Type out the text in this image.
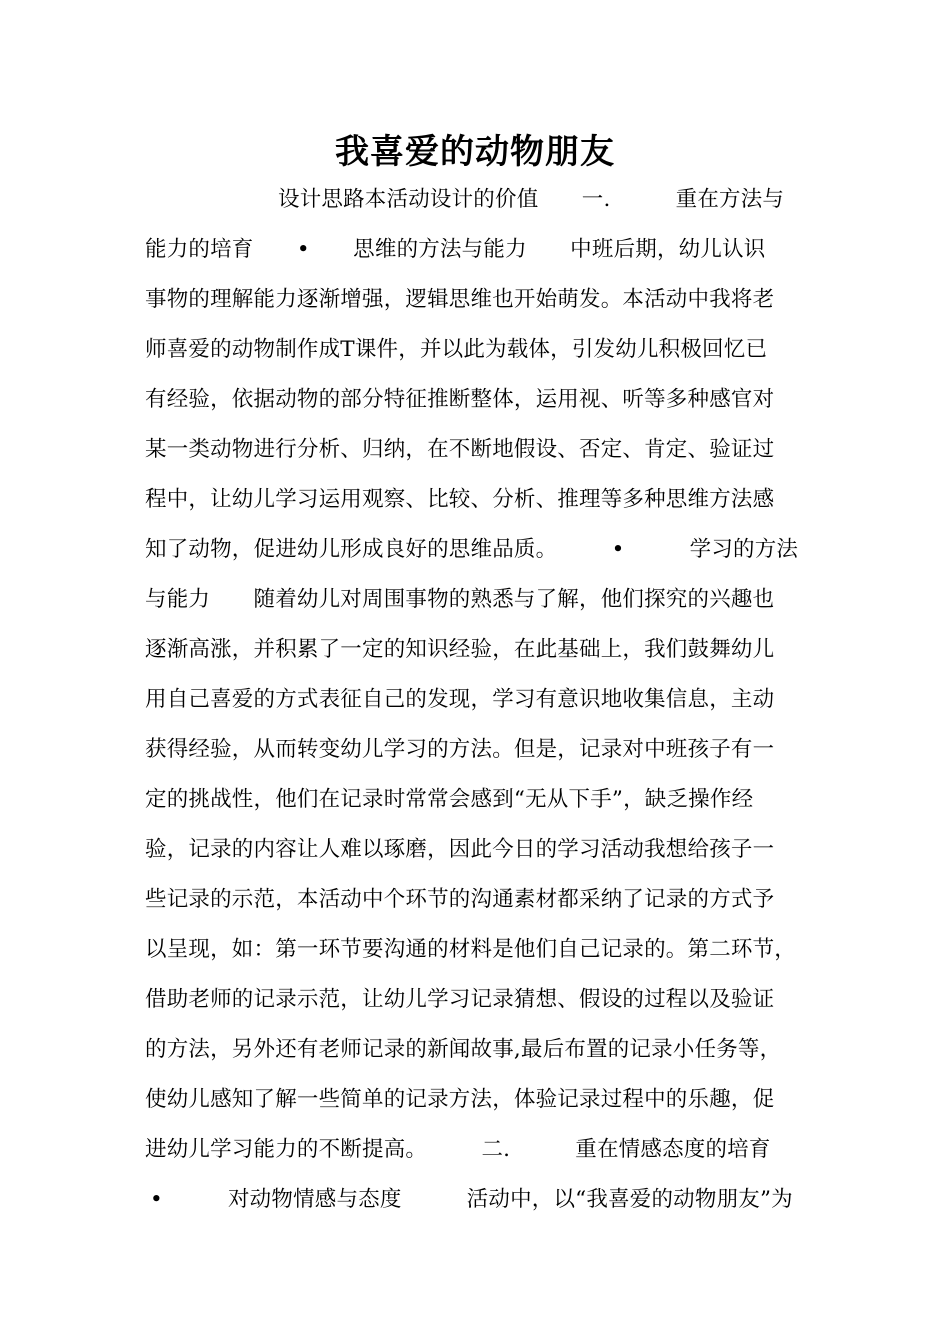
我喜爱的动物朋友
设计思路本活动设计的价值　　一.　　　重在方法与
能力的培育　　•　　思维的方法与能力　　中班后期，幼儿认识
事物的理解能力逐渐增强，逻辑思维也开始萌发。本活动中我将老
师喜爱的动物制作成T课件，并以此为载体，引发幼儿积极回忆已
有经验，依据动物的部分特征推断整体，运用视、听等多种感官对
某一类动物进行分析、归纳，在不断地假设、否定、肯定、验证过
程中，让幼儿学习运用观察、比较、分析、推理等多种思维方法感
知了动物，促进幼儿形成良好的思维品质。　　　•　　　学习的方法
与能力　　随着幼儿对周围事物的熟悉与了解，他们探究的兴趣也
逐渐高涨，并积累了一定的知识经验，在此基础上，我们鼓舞幼儿
用自己喜爱的方式表征自己的发现，学习有意识地收集信息，主动
获得经验，从而转变幼儿学习的方法。但是，记录对中班孩子有一
定的挑战性，他们在记录时常常会感到“无从下手”，缺乏操作经
验，记录的内容让人难以琢磨，因此今日的学习活动我想给孩子一
些记录的示范，本活动中个环节的沟通素材都采纳了记录的方式予
以呈现，如：第一环节要沟通的材料是他们自己记录的。第二环节，
借助老师的记录示范，让幼儿学习记录猜想、假设的过程以及验证
的方法，另外还有老师记录的新闻故事,最后布置的记录小任务等，
使幼儿感知了解一些简单的记录方法，体验记录过程中的乐趣，促
进幼儿学习能力的不断提高。　　　二.　　　重在情感态度的培育
•　　　对动物情感与态度　　　活动中，以“我喜爱的动物朋友”为
